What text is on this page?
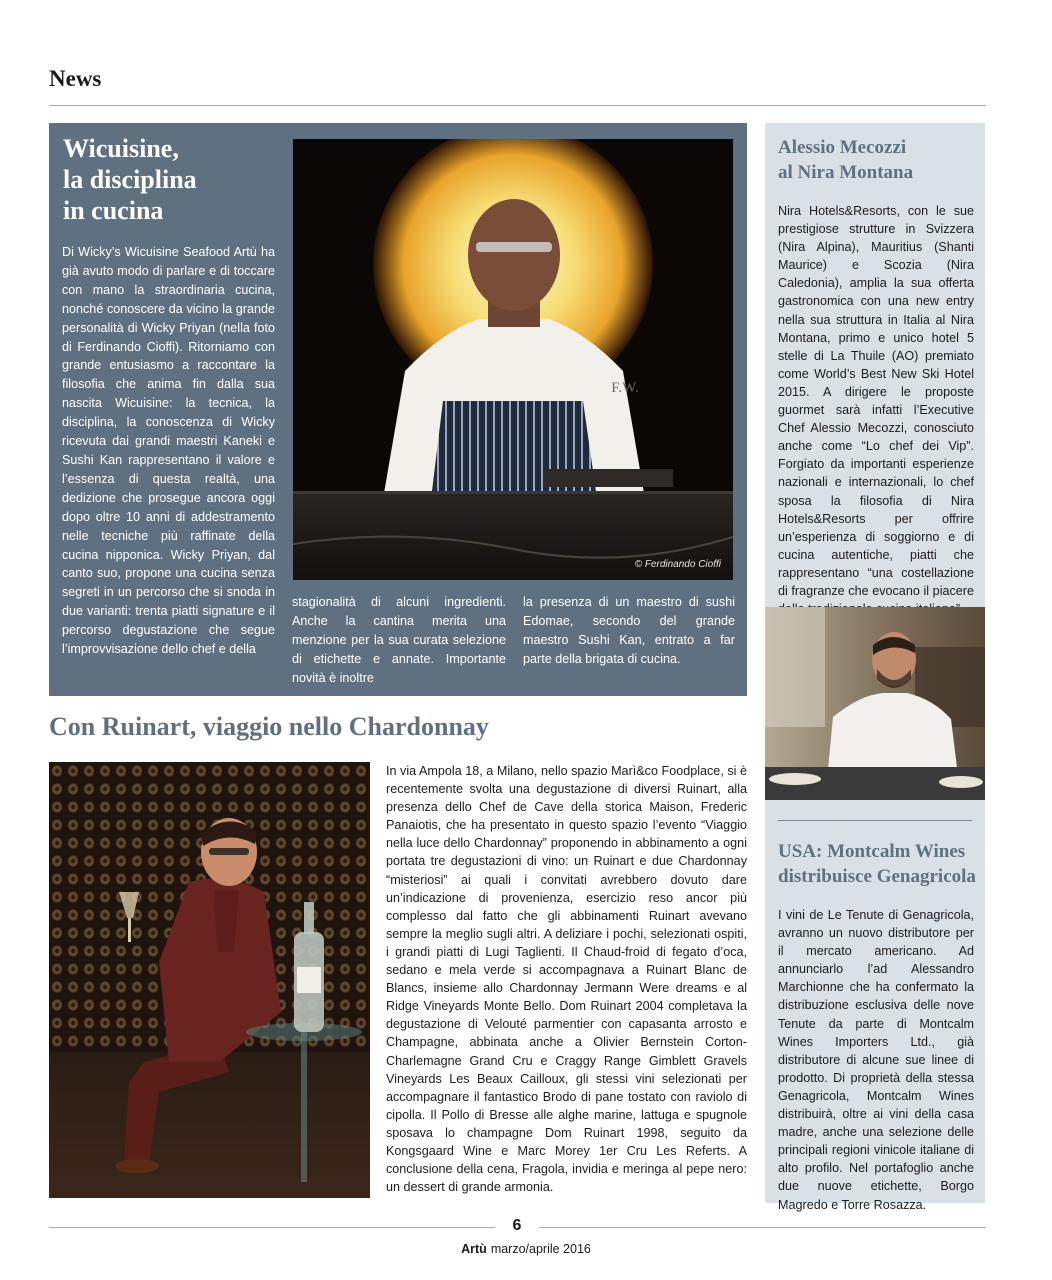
News
Wicuisine,
la disciplina
in cucina

Di Wicky’s Wicuisine Seafood Artù ha già avuto modo di parlare e di toccare con mano la straordinaria cucina, nonché conoscere da vicino la grande personalità di Wicky Priyan (nella foto di Ferdinando Cioffi). Ritorniamo con grande entusiasmo a raccontare la filosofia che anima fin dalla sua nascita Wicuisine: la tecnica, la disciplina, la conoscenza di Wicky ricevuta dai grandi maestri Kaneki e Sushi Kan rappresentano il valore e l’essenza di questa realtà, una dedizione che prosegue ancora oggi dopo oltre 10 anni di addestramento nelle tecniche più raffinate della cucina nipponica. Wicky Priyan, dal canto suo, propone una cucina senza segreti in un percorso che si snoda in due varianti: trenta piatti signature e il percorso degustazione che segue l’improvvisazione dello chef e della

F.W.
© Ferdinando Cioffi

stagionalità di alcuni ingredienti. Anche la cantina merita una menzione per la sua curata selezione di etichette e annate. Importante novità è inoltre

la presenza di un maestro di sushi Edomae, secondo del grande maestro Sushi Kan, entrato a far parte della brigata di cucina.

Con Ruinart, viaggio nello Chardonnay

In via Ampola 18, a Milano, nello spazio Marì&co Foodplace, si è recentemente svolta una degustazione di diversi Ruinart, alla presenza dello Chef de Cave della storica Maison, Frederic Panaiotis, che ha presentato in questo spazio l’evento “Viaggio nella luce dello Chardonnay” proponendo in abbinamento a ogni portata tre degustazioni di vino: un Ruinart e due Chardonnay “misteriosi” ai quali i convitati avrebbero dovuto dare un’indicazione di provenienza, esercizio reso ancor più complesso dal fatto che gli abbinamenti Ruinart avevano sempre la meglio sugli altri. A deliziare i pochi, selezionati ospiti, i grandi piatti di Lugi Taglienti. Il Chaud-froid di fegato d’oca, sedano e mela verde si accompagnava a Ruinart Blanc de Blancs, insieme allo Chardonnay Jermann Were dreams e al Ridge Vineyards Monte Bello. Dom Ruinart 2004 completava la degustazione di Velouté parmentier con capasanta arrosto e Champagne, abbinata anche a Olivier Bernstein Corton-Charlemagne Grand Cru e Craggy Range Gimblett Gravels Vineyards Les Beaux Cailloux, gli stessi vini selezionati per accompagnare il fantastico Brodo di pane tostato con raviolo di cipolla. Il Pollo di Bresse alle alghe marine, lattuga e spugnole sposava lo champagne Dom Ruinart 1998, seguito da Kongsgaard Wine e Marc Morey 1er Cru Les Referts. A conclusione della cena, Fragola, invidia e meringa al pepe nero: un dessert di grande armonia.

Alessio Mecozzi
al Nira Montana

Nira Hotels&Resorts, con le sue prestigiose strutture in Svizzera (Nira Alpina), Mauritius (Shanti Maurice) e Scozia (Nira Caledonia), amplia la sua offerta gastronomica con una new entry nella sua struttura in Italia al Nira Montana, primo e unico hotel 5 stelle di La Thuile (AO) premiato come World’s Best New Ski Hotel 2015. A dirigere le proposte guormet sarà infatti l’Executive Chef Alessio Mecozzi, conosciuto anche come “Lo chef dei Vip”. Forgiato da importanti esperienze nazionali e internazionali, lo chef sposa la filosofia di Nira Hotels&Resorts per offrire un’esperienza di soggiorno e di cucina autentiche, piatti che rappresentano “una costellazione di fragranze che evocano il piacere

USA: Montcalm Wines
distribuisce Genagricola

I vini de Le Tenute di Genagricola, avranno un nuovo distributore per il mercato americano. Ad annunciarlo l’ad Alessandro Marchionne che ha confermato la distribuzione esclusiva delle nove Tenute da parte di Montcalm Wines Importers Ltd., già distributore di alcune sue linee di prodotto. Di proprietà della stessa Genagricola, Montcalm Wines distribuirà, oltre ai vini della casa madre, anche una selezione delle principali regioni vinicole italiane di alto profilo. Nel portafoglio anche due nuove etichette, Borgo Magredo e Torre Rosazza.

6
Artù marzo/aprile 2016
